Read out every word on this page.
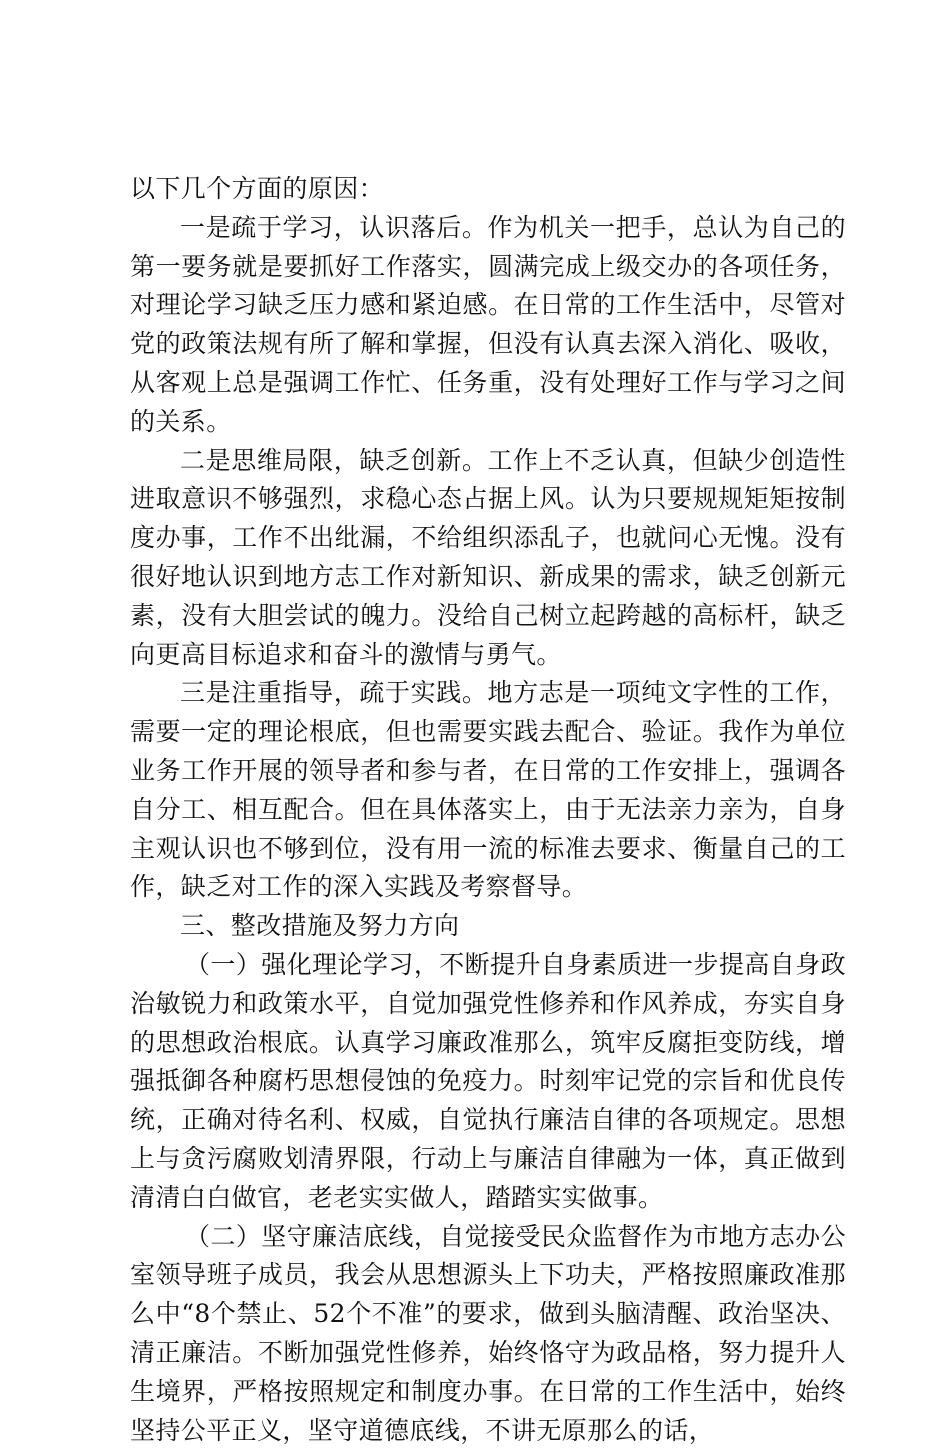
以下几个方面的原因：

一是疏于学习，认识落后。作为机关一把手，总认为自己的第一要务就是要抓好工作落实，圆满完成上级交办的各项任务，对理论学习缺乏压力感和紧迫感。在日常的工作生活中，尽管对党的政策法规有所了解和掌握，但没有认真去深入消化、吸收，从客观上总是强调工作忙、任务重，没有处理好工作与学习之间的关系。

二是思维局限，缺乏创新。工作上不乏认真，但缺少创造性进取意识不够强烈，求稳心态占据上风。认为只要规规矩矩按制度办事，工作不出纰漏，不给组织添乱子，也就问心无愧。没有很好地认识到地方志工作对新知识、新成果的需求，缺乏创新元素，没有大胆尝试的魄力。没给自己树立起跨越的高标杆，缺乏向更高目标追求和奋斗的激情与勇气。

三是注重指导，疏于实践。地方志是一项纯文字性的工作，需要一定的理论根底，但也需要实践去配合、验证。我作为单位业务工作开展的领导者和参与者，在日常的工作安排上，强调各自分工、相互配合。但在具体落实上，由于无法亲力亲为，自身主观认识也不够到位，没有用一流的标准去要求、衡量自己的工作，缺乏对工作的深入实践及考察督导。

三、整改措施及努力方向

（一）强化理论学习，不断提升自身素质进一步提高自身政治敏锐力和政策水平，自觉加强党性修养和作风养成，夯实自身的思想政治根底。认真学习廉政准那么，筑牢反腐拒变防线，增强抵御各种腐朽思想侵蚀的免疫力。时刻牢记党的宗旨和优良传统，正确对待名利、权威，自觉执行廉洁自律的各项规定。思想上与贪污腐败划清界限，行动上与廉洁自律融为一体，真正做到清清白白做官，老老实实做人，踏踏实实做事。

（二）坚守廉洁底线，自觉接受民众监督作为市地方志办公室领导班子成员，我会从思想源头上下功夫，严格按照廉政准那么中“8个禁止、52个不准”的要求，做到头脑清醒、政治坚决、清正廉洁。不断加强党性修养，始终恪守为政品格，努力提升人生境界，严格按照规定和制度办事。在日常的工作生活中，始终坚持公平正义，坚守道德底线，不讲无原那么的话，
